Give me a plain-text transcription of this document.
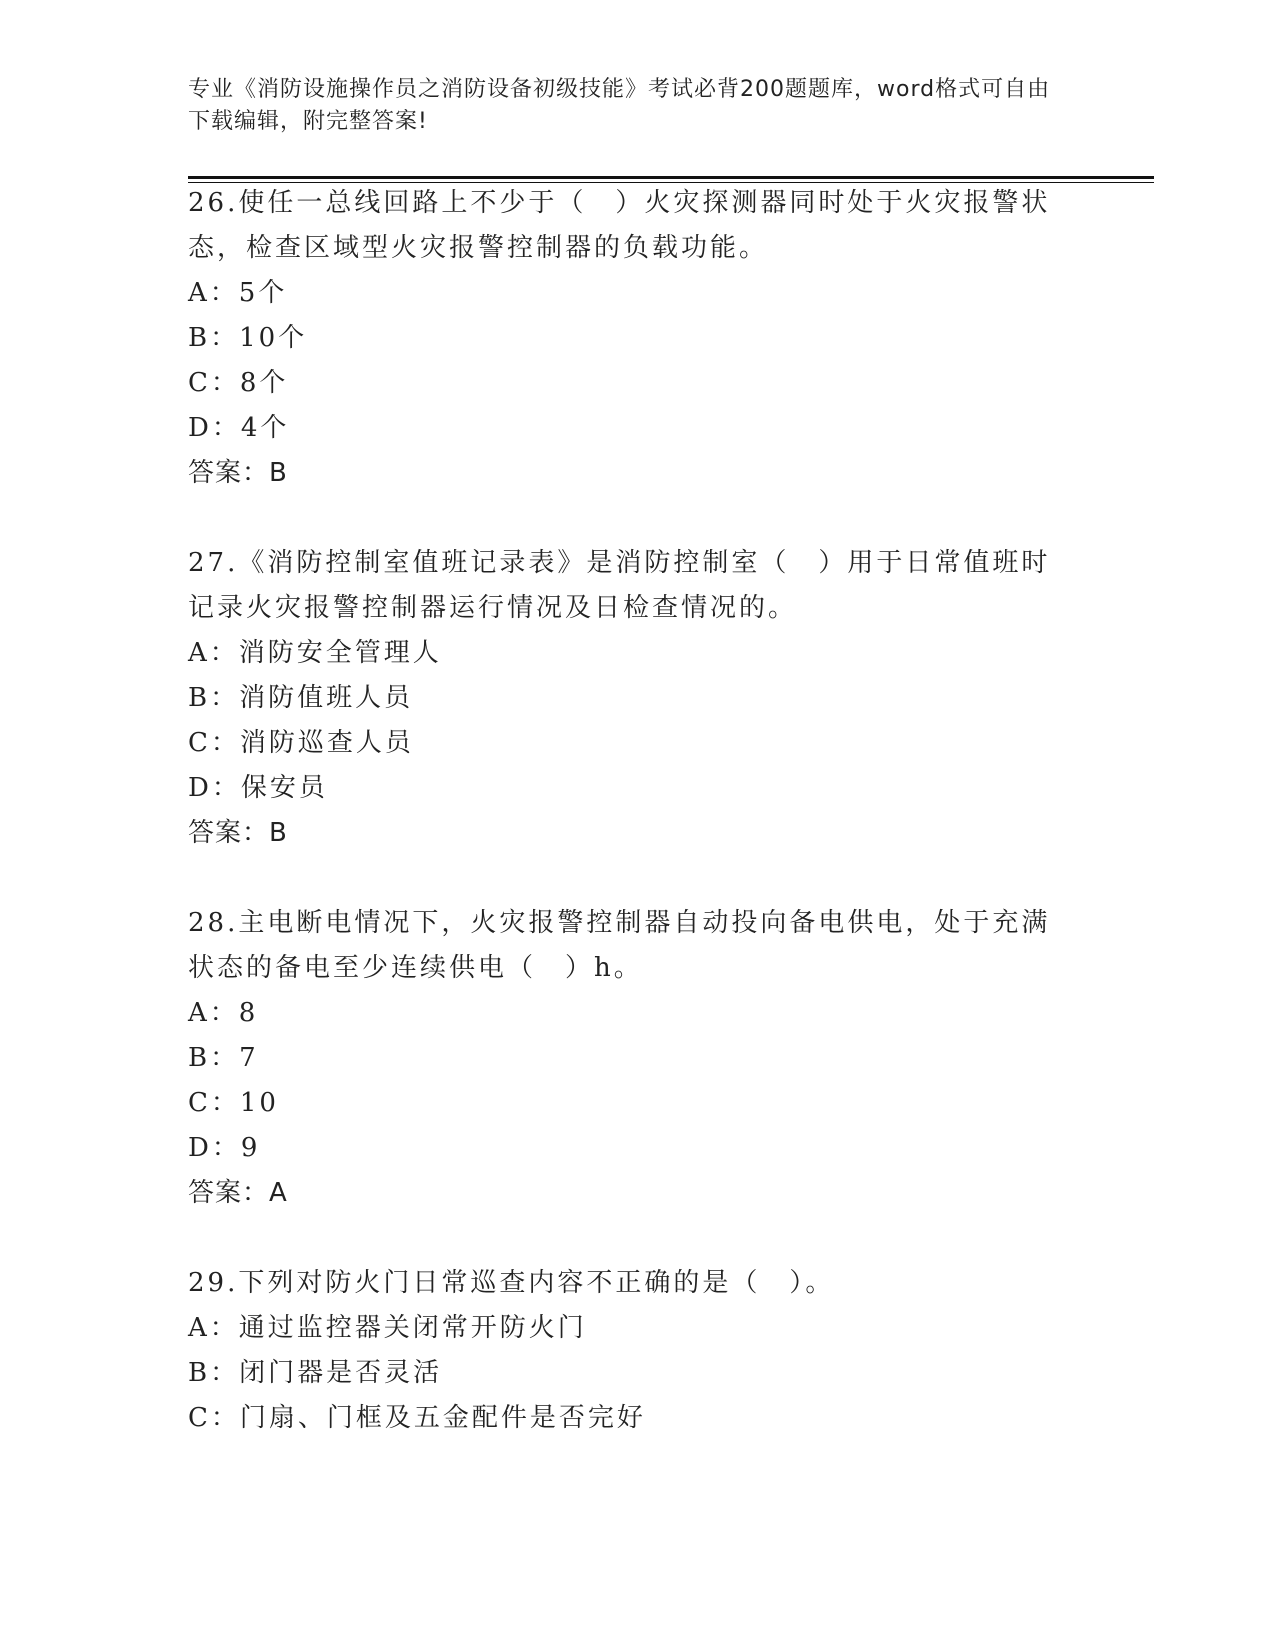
专业《消防设施操作员之消防设备初级技能》考试必背200题题库，word格式可自由下载编辑，附完整答案!
26.使任一总线回路上不少于（　）火灾探测器同时处于火灾报警状态，检查区域型火灾报警控制器的负载功能。
A：5个
B：10个
C：8个
D：4个
答案：B
27.《消防控制室值班记录表》是消防控制室（　）用于日常值班时记录火灾报警控制器运行情况及日检查情况的。
A：消防安全管理人
B：消防值班人员
C：消防巡查人员
D：保安员
答案：B
28.主电断电情况下，火灾报警控制器自动投向备电供电，处于充满状态的备电至少连续供电（　）h。
A：8
B：7
C：10
D：9
答案：A
29.下列对防火门日常巡查内容不正确的是（　）。
A：通过监控器关闭常开防火门
B：闭门器是否灵活
C：门扇、门框及五金配件是否完好
